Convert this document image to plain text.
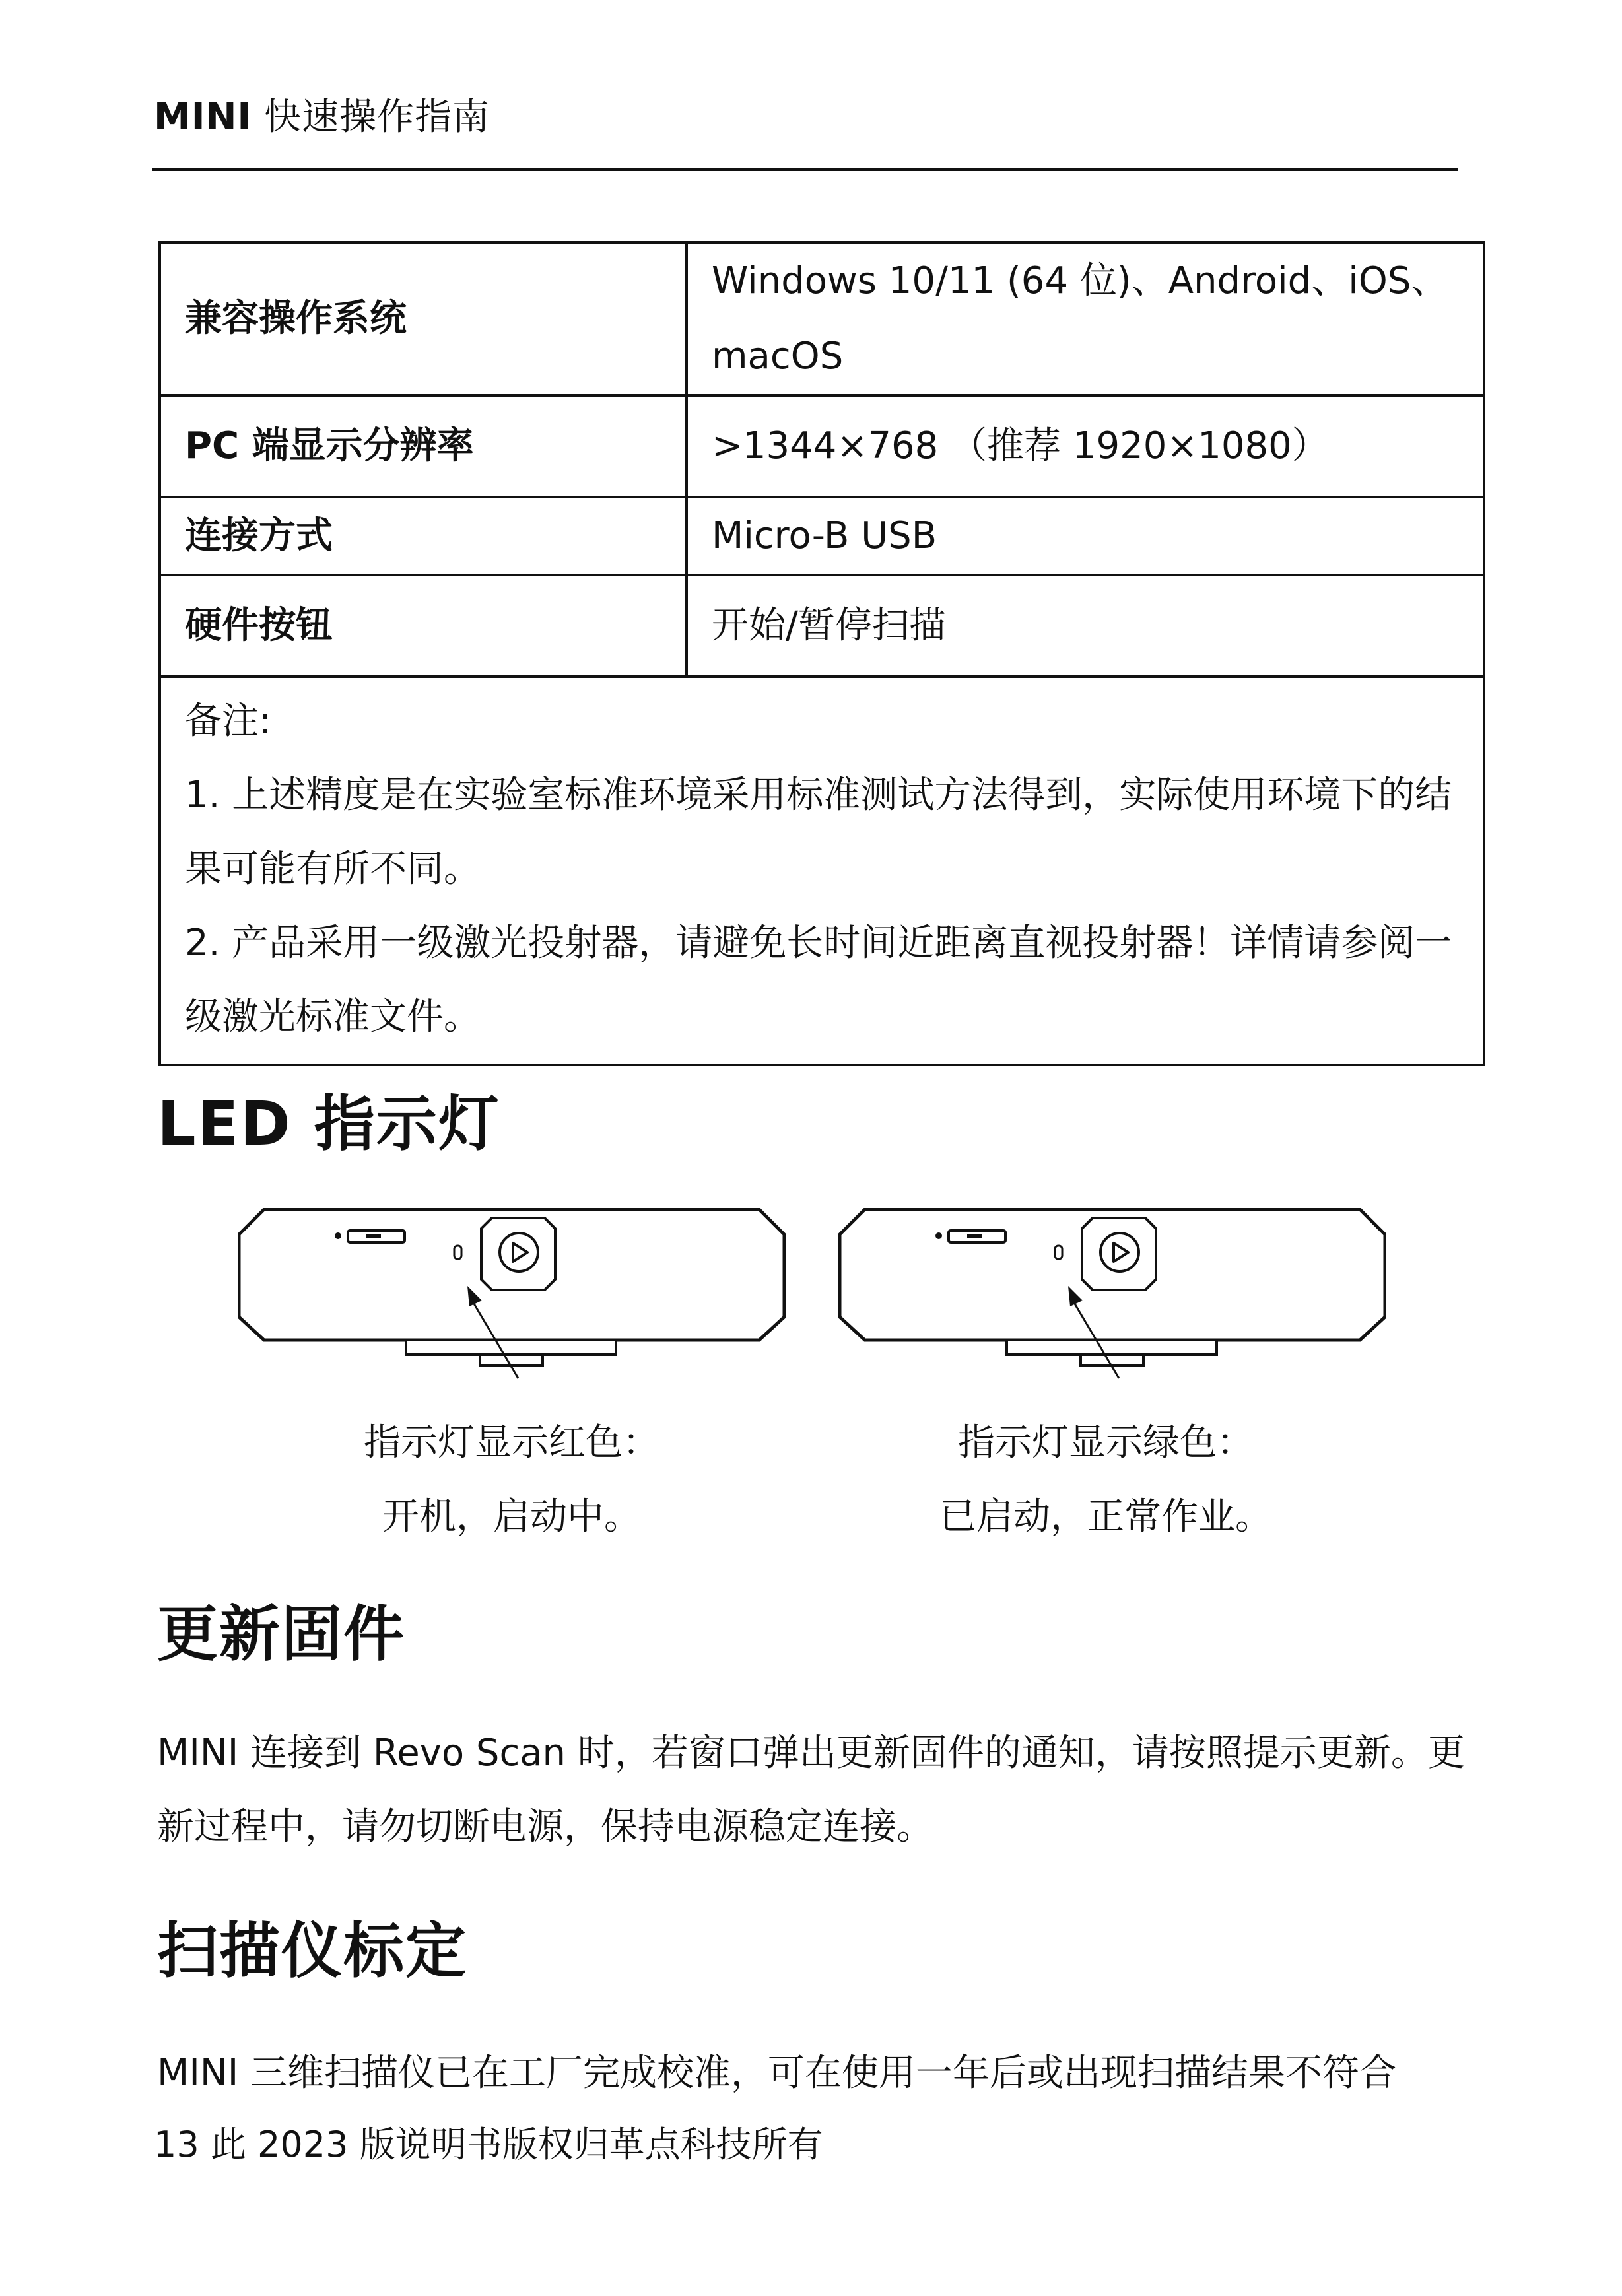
MINI 快速操作指南
兼容操作系统	Windows 10/11 (64 位)、Android、iOS、macOS
PC 端显示分辨率	>1344×768 （推荐 1920×1080）
连接方式	Micro-B USB
硬件按钮	开始/暂停扫描

备注:

1. 上述精度是在实验室标准环境采用标准测试方法得到，实际使用环境下的结果可能有所不同。

2. 产品采用一级激光投射器，请避免长时间近距离直视投射器！详情请参阅一级激光标准文件。	

LED 指示灯
指示灯显示红色：
开机，启动中。
指示灯显示绿色：
已启动，正常作业。
更新固件

MINI 连接到 Revo Scan 时，若窗口弹出更新固件的通知，请按照提示更新。更新过程中，请勿切断电源，保持电源稳定连接。

扫描仪标定

MINI 三维扫描仪已在工厂完成校准，可在使用一年后或出现扫描结果不符合

13 此 2023 版说明书版权归革点科技所有
